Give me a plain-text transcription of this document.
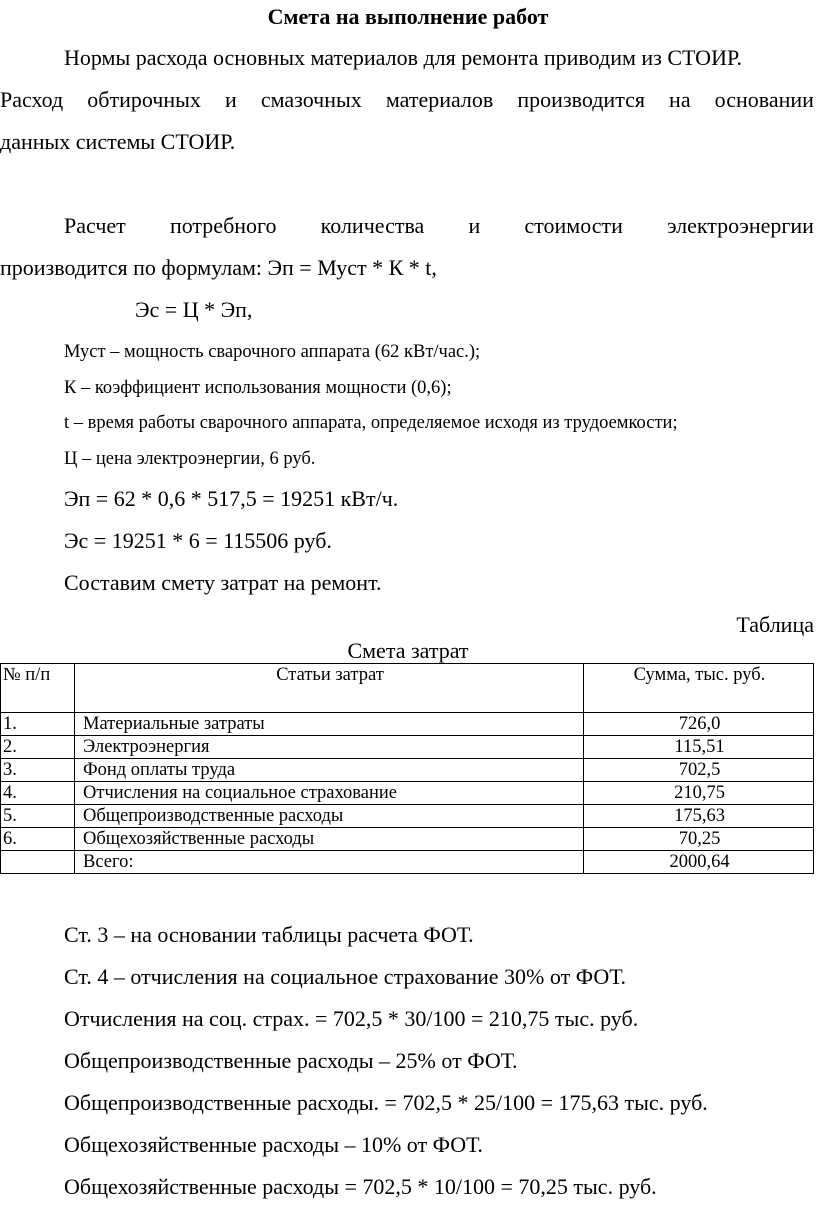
Смета на выполнение работ
Нормы расхода основных материалов для ремонта приводим из СТОИР.
Расход обтирочных и смазочных материалов производится на основании
данных системы СТОИР.
Расчет потребного количества и стоимости электроэнергии
производится по формулам: Эп = Муст * К * t,
Эс = Ц * Эп,
Муст – мощность сварочного аппарата (62 кВт/час.);
К – коэффициент использования мощности (0,6);
t – время работы сварочного аппарата, определяемое исходя из трудоемкости;
Ц – цена электроэнергии, 6 руб.
Эп = 62 * 0,6 * 517,5 = 19251 кВт/ч.
Эс = 19251 * 6 = 115506 руб.
Составим смету затрат на ремонт.
Таблица
Смета затрат
№ п/п	Статьи затрат	Сумма, тыс. руб.
1.	Материальные затраты	726,0
2.	Электроэнергия	115,51
3.	Фонд оплаты труда	702,5
4.	Отчисления на социальное страхование	210,75
5.	Общепроизводственные расходы	175,63
6.	Общехозяйственные расходы	70,25
	Всего:	2000,64
Ст. 3 – на основании таблицы расчета ФОТ.
Ст. 4 – отчисления на социальное страхование 30% от ФОТ.
Отчисления на соц. страх. = 702,5 * 30/100 = 210,75 тыс. руб.
Общепроизводственные расходы – 25% от ФОТ.
Общепроизводственные расходы. = 702,5 * 25/100 = 175,63 тыс. руб.
Общехозяйственные расходы – 10% от ФОТ.
Общехозяйственные расходы = 702,5 * 10/100 = 70,25 тыс. руб.
